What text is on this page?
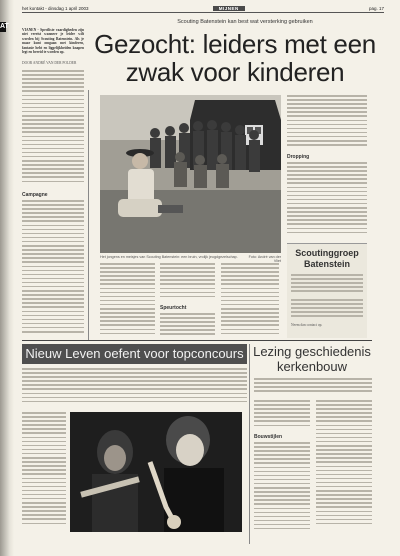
AT
het kontakt - dinsdag 1 april 2003	MIJNEN	pag. 17
Scouting Batenstein kan best wat versterking gebruiken
Gezocht: leiders met een zwak voor kinderen
VIANEN - Speciliste vaardigheden zijn niet vereist wanneer je leider wilt worden bij Scouting Batenstein. Als je maar kunt omgaan met kinderen, fantasie hebt en liggelijkheiden knapen legt en bereid te worden op.
DOOR ANDRÉ VAN DER POLDER
Campagne
Het jongens en meisjes van Scouting Batenstein: een bruin, vrolijk jeugdgezelschap.	Foto: André van der Vliet
Speurtocht
Dropping
Scoutinggroep Batenstein
Neem dan contact op.
Nieuw Leven oefent voor topconcours Lezing geschiedenis kerkenbouw
Bouwstijlen
